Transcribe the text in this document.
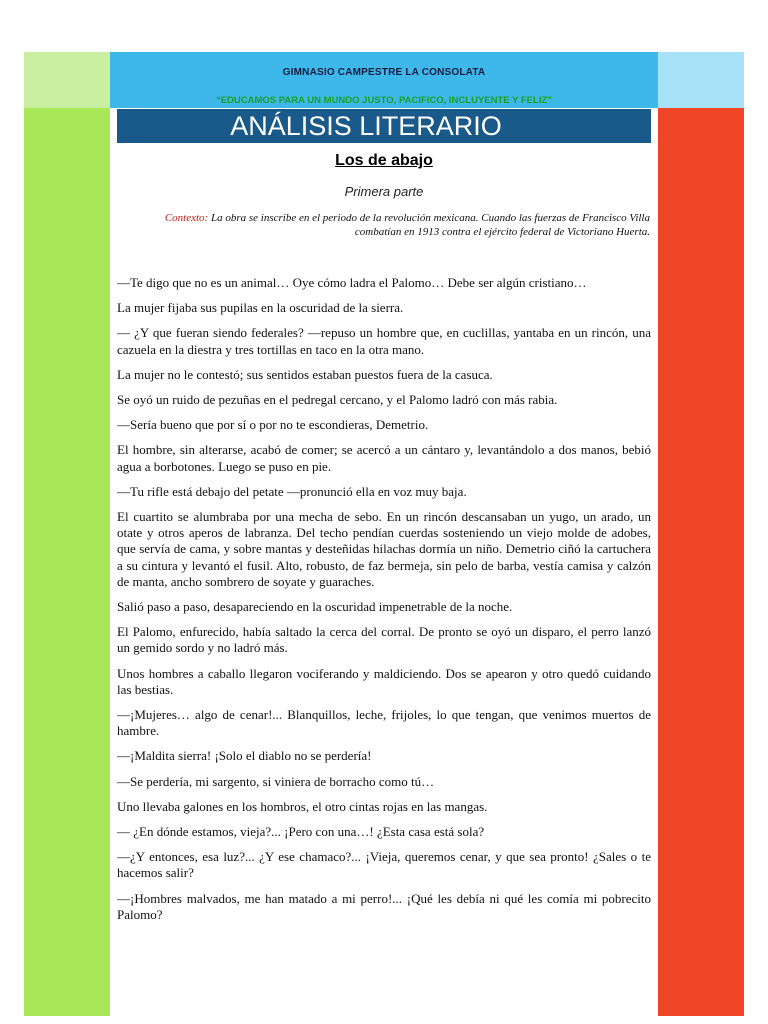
GIMNASIO CAMPESTRE LA CONSOLATA
“EDUCAMOS PARA UN MUNDO JUSTO, PACIFICO, INCLUYENTE Y FELIZ”
ANÁLISIS LITERARIO
Los de abajo
Primera parte
Contexto: La obra se inscribe en el periodo de la revolución mexicana. Cuando las fuerzas de Francisco Villa combatían en 1913 contra el ejército federal de Victoriano Huerta.

—Te digo que no es un animal… Oye cómo ladra el Palomo… Debe ser algún cristiano…

La mujer fijaba sus pupilas en la oscuridad de la sierra.

— ¿Y que fueran siendo federales? —repuso un hombre que, en cuclillas, yantaba en un rincón, una cazuela en la diestra y tres tortillas en taco en la otra mano.

La mujer no le contestó; sus sentidos estaban puestos fuera de la casuca.

Se oyó un ruido de pezuñas en el pedregal cercano, y el Palomo ladró con más rabia.

—Sería bueno que por sí o por no te escondieras, Demetrio.

El hombre, sin alterarse, acabó de comer; se acercó a un cántaro y, levantándolo a dos manos, bebió agua a borbotones. Luego se puso en pie.

—Tu rifle está debajo del petate —pronunció ella en voz muy baja.

El cuartito se alumbraba por una mecha de sebo. En un rincón descansaban un yugo, un arado, un otate y otros aperos de labranza. Del techo pendían cuerdas sosteniendo un viejo molde de adobes, que servía de cama, y sobre mantas y desteñidas hilachas dormía un niño. Demetrio ciñó la cartuchera a su cintura y levantó el fusil. Alto, robusto, de faz bermeja, sin pelo de barba, vestía camisa y calzón de manta, ancho sombrero de soyate y guaraches.

Salió paso a paso, desapareciendo en la oscuridad impenetrable de la noche.

El Palomo, enfurecido, había saltado la cerca del corral. De pronto se oyó un disparo, el perro lanzó un gemido sordo y no ladró más.

Unos hombres a caballo llegaron vociferando y maldiciendo. Dos se apearon y otro quedó cuidando las bestias.

—¡Mujeres… algo de cenar!... Blanquillos, leche, frijoles, lo que tengan, que venimos muertos de hambre.

—¡Maldita sierra! ¡Solo el diablo no se perdería!

—Se perdería, mi sargento, si viniera de borracho como tú…

Uno llevaba galones en los hombros, el otro cintas rojas en las mangas.

— ¿En dónde estamos, vieja?... ¡Pero con una…! ¿Esta casa está sola?

—¿Y entonces, esa luz?... ¿Y ese chamaco?... ¡Vieja, queremos cenar, y que sea pronto! ¿Sales o te hacemos salir?

—¡Hombres malvados, me han matado a mi perro!... ¡Qué les debía ni qué les comía mi pobrecito Palomo?
